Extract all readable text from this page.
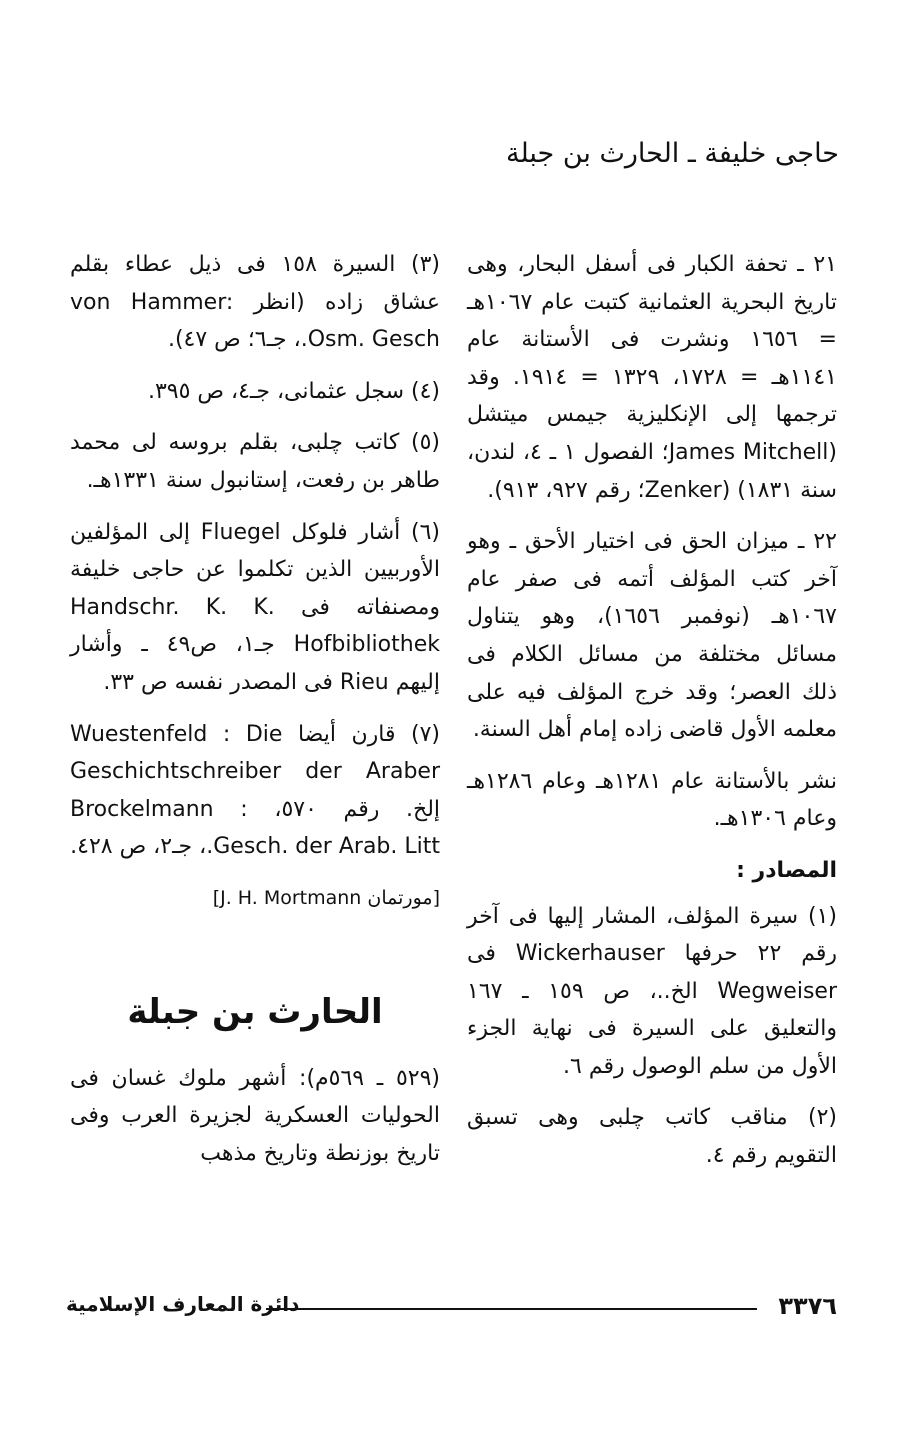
حاجى خليفة ـ الحارث بن جبلة

٢١ ـ تحفة الكبار فى أسفل البحار، وهى تاريخ البحرية العثمانية كتبت عام ١٠٦٧هـ = ١٦٥٦ ونشرت فى الأستانة عام ١١٤١هـ = ١٧٢٨، ١٣٢٩ = ١٩١٤. وقد ترجمها إلى الإنكليزية جيمس ميتشل (James Mitchell؛ الفصول ١ ـ ٤، لندن، سنة ١٨٣١) (Zenker؛ رقم ٩٢٧، ٩١٣).

٢٢ ـ ميزان الحق فى اختيار الأحق ـ وهو آخر كتب المؤلف أتمه فى صفر عام ١٠٦٧هـ (نوفمبر ١٦٥٦)، وهو يتناول مسائل مختلفة من مسائل الكلام فى ذلك العصر؛ وقد خرج المؤلف فيه على معلمه الأول قاضى زاده إمام أهل السنة.

نشر بالأستانة عام ١٢٨١هـ وعام ١٢٨٦هـ وعام ١٣٠٦هـ.

المصادر :

(١) سيرة المؤلف، المشار إليها فى آخر رقم ٢٢ حرفها Wickerhauser فى Wegweiser الخ..، ص ١٥٩ ـ ١٦٧ والتعليق على السيرة فى نهاية الجزء الأول من سلم الوصول رقم ٦.

(٢) مناقب كاتب چلبى وهى تسبق التقويم رقم ٤.

(٣) السيرة ١٥٨ فى ذيل عطاء بقلم عشاق زاده (انظر von Hammer: Osm. Gesch.، جـ٦؛ ص ٤٧).

(٤) سجل عثمانى، جـ٤، ص ٣٩٥.

(٥) كاتب چلبى، بقلم بروسه لى محمد طاهر بن رفعت، إستانبول سنة ١٣٣١هـ.

(٦) أشار فلوكل Fluegel إلى المؤلفين الأوربيين الذين تكلموا عن حاجى خليفة ومصنفاته فى Handschr. K. K. Hofbibliothek جـ١، ص٤٩ ـ وأشار إليهم Rieu فى المصدر نفسه ص ٣٣.

(٧) قارن أيضا Wuestenfeld : Die Geschichtschreiber der Araber إلخ. رقم ٥٧٠، Brockelmann : Gesch. der Arab. Litt.، جـ٢، ص ٤٢٨.

[مورتمان J. H. Mortmann]

الحارث بن جبلة

(٥٢٩ ـ ٥٦٩م): أشهر ملوك غسان فى الحوليات العسكرية لجزيرة العرب وفى تاريخ بوزنطة وتاريخ مذهب

٣٣٧٦
دائرة المعارف الإسلامية
